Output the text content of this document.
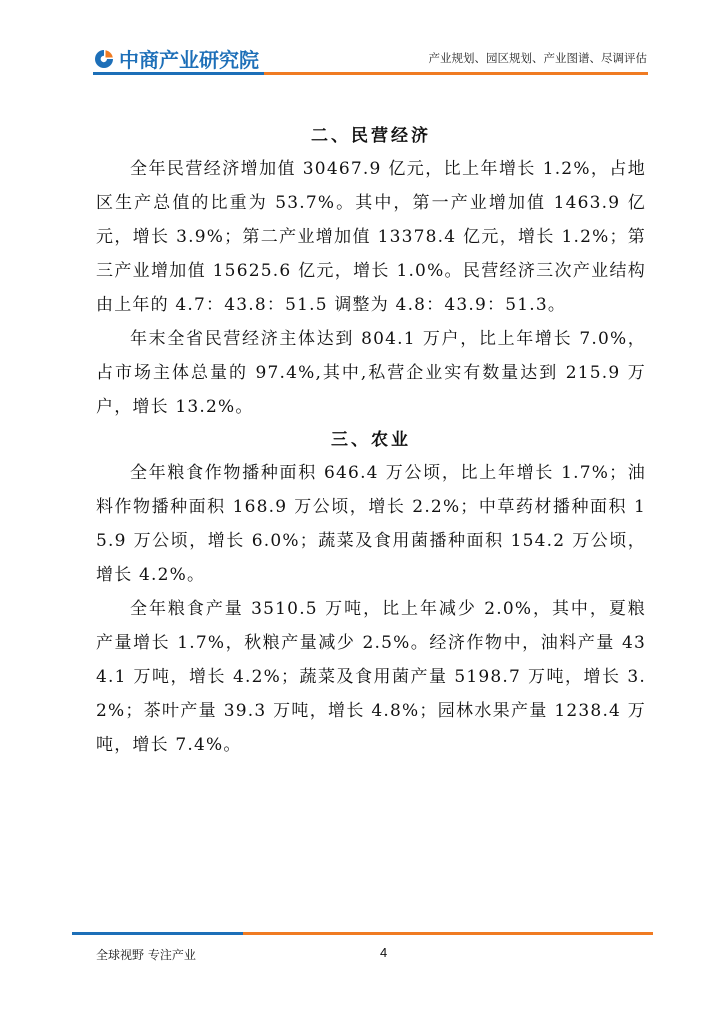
中商产业研究院	产业规划、园区规划、产业图谱、尽调评估
二、民营经济

全年民营经济增加值 30467.9 亿元，比上年增长 1.2%，占地区生产总值的比重为 53.7%。其中，第一产业增加值 1463.9 亿元，增长 3.9%；第二产业增加值 13378.4 亿元，增长 1.2%；第三产业增加值 15625.6 亿元，增长 1.0%。民营经济三次产业结构由上年的 4.7：43.8：51.5 调整为 4.8：43.9：51.3。

年末全省民营经济主体达到 804.1 万户，比上年增长 7.0%，占市场主体总量的 97.4%,其中,私营企业实有数量达到 215.9 万户，增长 13.2%。

三、农业

全年粮食作物播种面积 646.4 万公顷，比上年增长 1.7%；油料作物播种面积 168.9 万公顷，增长 2.2%；中草药材播种面积 15.9 万公顷，增长 6.0%；蔬菜及食用菌播种面积 154.2 万公顷，增长 4.2%。

全年粮食产量 3510.5 万吨，比上年减少 2.0%，其中，夏粮产量增长 1.7%，秋粮产量减少 2.5%。经济作物中，油料产量 434.1 万吨，增长 4.2%；蔬菜及食用菌产量 5198.7 万吨，增长 3.2%；茶叶产量 39.3 万吨，增长 4.8%；园林水果产量 1238.4 万吨，增长 7.4%。

全球视野 专注产业	4
